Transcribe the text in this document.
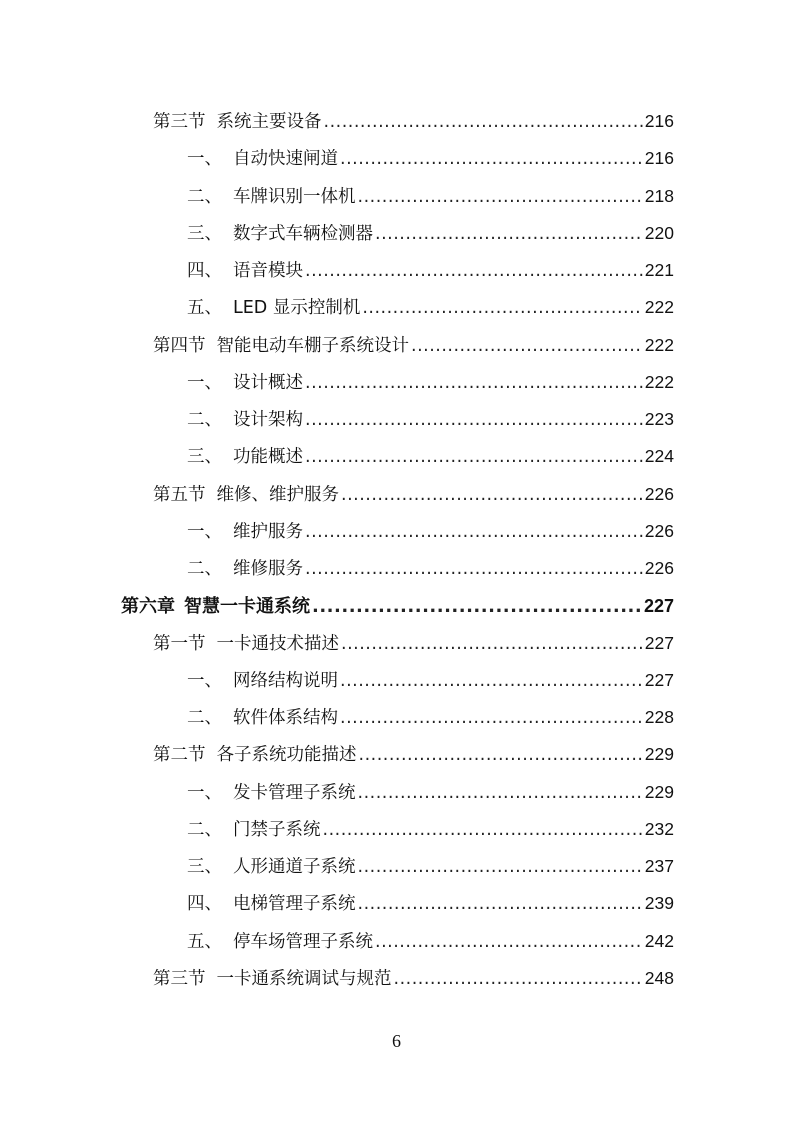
第三节 系统主要设备 .....	216
一、 自动快速闸道 .....	216
二、 车牌识别一体机 .....	218
三、 数字式车辆检测器 .....	220
四、 语音模块 .....	221
五、 LED 显示控制机 .....	222
第四节 智能电动车棚子系统设计 .....	222
一、 设计概述 .....	222
二、 设计架构 .....	223
三、 功能概述 .....	224
第五节 维修、维护服务 .....	226
一、 维护服务 .....	226
二、 维修服务 .....	226
第六章 智慧一卡通系统 .....	227
第一节 一卡通技术描述 .....	227
一、 网络结构说明 .....	227
二、 软件体系结构 .....	228
第二节 各子系统功能描述 .....	229
一、 发卡管理子系统 .....	229
二、 门禁子系统 .....	232
三、 人形通道子系统 .....	237
四、 电梯管理子系统 .....	239
五、 停车场管理子系统 .....	242
第三节 一卡通系统调试与规范 .....	248
6
